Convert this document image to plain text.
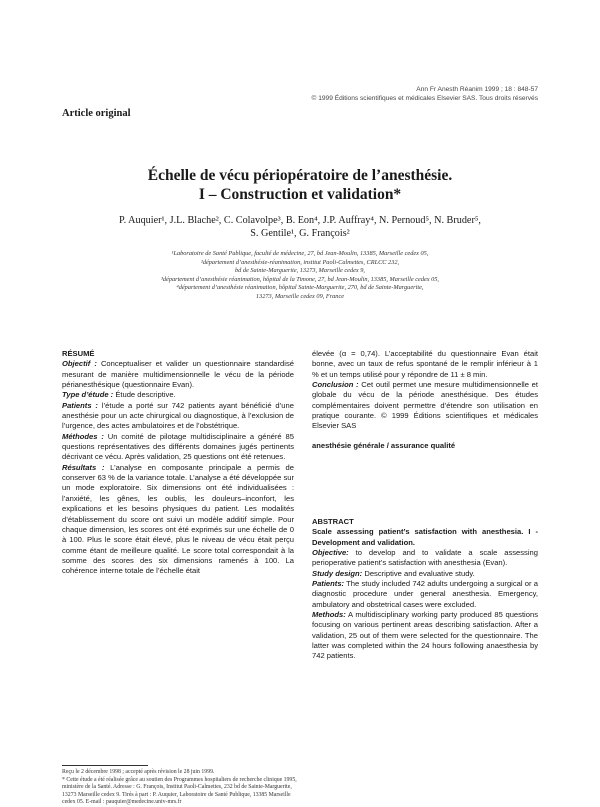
Ann Fr Anesth Réanim 1999 ; 18 : 848-57
© 1999 Éditions scientifiques et médicales Elsevier SAS. Tous droits réservés
Article original
Échelle de vécu périopératoire de l’anesthésie.
I – Construction et validation*
P. Auquier¹, J.L. Blache², C. Colavolpe³, B. Eon⁴, J.P. Auffray⁴, N. Pernoud⁵, N. Bruder⁵,
S. Gentile¹, G. François²
¹Laboratoire de Santé Publique, faculté de médecine, 27, bd Jean-Moulin, 13385, Marseille cedex 05,
²département d’anesthésie-réanimation, institut Paoli-Calmettes, CRLCC 232,
bd de Sainte-Marguerite, 13273, Marseille cedex 9,
³département d’anesthésie réanimation, hôpital de la Timone, 27, bd Jean-Moulin, 13385, Marseille cedex 05,
⁴département d’anesthésie réanimation, hôpital Sainte-Marguerite, 270, bd de Sainte-Marguerite,
13273, Marseille cedex 09, France

RÉSUMÉ

Objectif : Conceptualiser et valider un questionnaire standardisé mesurant de manière multidimensionnelle le vécu de la période périanesthésique (questionnaire Evan).

Type d’étude : Étude descriptive.

Patients : l’étude a porté sur 742 patients ayant bénéficié d’une anesthésie pour un acte chirurgical ou diagnostique, à l’exclusion de l’urgence, des actes ambulatoires et de l’obstétrique.

Méthodes : Un comité de pilotage multidisciplinaire a généré 85 questions représentatives des différents domaines jugés pertinents décrivant ce vécu. Après validation, 25 questions ont été retenues.

Résultats : L’analyse en composante principale a permis de conserver 63 % de la variance totale. L’analyse a été développée sur un mode exploratoire. Six dimensions ont été individualisées : l’anxiété, les gênes, les oublis, les douleurs–inconfort, les explications et les besoins physiques du patient. Les modalités d’établissement du score ont suivi un modèle additif simple. Pour chaque dimension, les scores ont été exprimés sur une échelle de 0 à 100. Plus le score était élevé, plus le niveau de vécu était perçu comme étant de meilleure qualité. Le score total correspondait à la somme des scores des six dimensions ramenés à 100. La cohérence interne totale de l’échelle était

élevée (α = 0,74). L’acceptabilité du questionnaire Evan était bonne, avec un taux de refus spontané de le remplir inférieur à 1 % et un temps utilisé pour y répondre de 11 ± 8 min.

Conclusion : Cet outil permet une mesure multidimensionnelle et globale du vécu de la période anesthésique. Des études complémentaires doivent permettre d’étendre son utilisation en pratique courante. © 1999 Éditions scientifiques et médicales Elsevier SAS

anesthésie générale / assurance qualité

ABSTRACT

Scale assessing patient’s satisfaction with anesthesia. I - Development and validation.

Objective: to develop and to validate a scale assessing perioperative patient’s satisfaction with anesthesia (Evan).

Study design: Descriptive and evaluative study.

Patients: The study included 742 adults undergoing a surgical or a diagnostic procedure under general anesthesia. Emergency, ambulatory and obstetrical cases were excluded.

Methods: A multidisciplinary working party produced 85 questions focusing on various pertinent areas describing satisfaction. After a validation, 25 out of them were selected for the questionnaire. The latter was completed within the 24 hours following anaesthesia by 742 patients.

Reçu le 2 décembre 1998 ; accepté après révision le 28 juin 1999.
* Cette étude a été réalisée grâce au soutien des Programmes hospitaliers de recherche clinique 1995, ministère de la Santé. Adresse : G. François, Institut Paoli-Calmettes, 232 bd de Sainte-Marguerite, 13273 Marseille cedex 9. Tirés à part : P. Auquier, Laboratoire de Santé Publique, 13385 Marseille cedex 05. E-mail : pauquier@medecine.univ-mrs.fr
